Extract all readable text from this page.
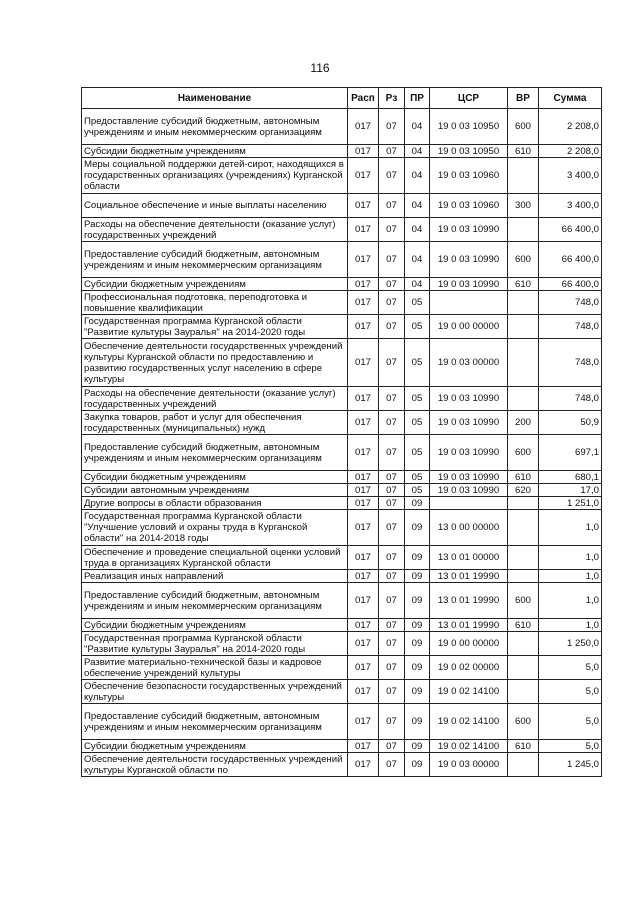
116
Наименование	Расп	Рз	ПР	ЦСР	ВР	Сумма
Предоставление субсидий бюджетным, автономным учреждениям и иным некоммерческим организациям	017	07	04	19 0 03 10950	600	2 208,0
Субсидии бюджетным учреждениям	017	07	04	19 0 03 10950	610	2 208,0
Меры социальной поддержки детей-сирот, находящихся в государственных организациях (учреждениях) Курганской области	017	07	04	19 0 03 10960		3 400,0
Социальное обеспечение и иные выплаты населению	017	07	04	19 0 03 10960	300	3 400,0
Расходы на обеспечение деятельности (оказание услуг) государственных учреждений	017	07	04	19 0 03 10990		66 400,0
Предоставление субсидий бюджетным, автономным учреждениям и иным некоммерческим организациям	017	07	04	19 0 03 10990	600	66 400,0
Субсидии бюджетным учреждениям	017	07	04	19 0 03 10990	610	66 400,0
Профессиональная подготовка, переподготовка и повышение квалификации	017	07	05			748,0
Государственная программа Курганской области "Развитие культуры Зауралья" на 2014-2020 годы	017	07	05	19 0 00 00000		748,0
Обеспечение деятельности государственных учреждений культуры Курганской области по предоставлению и развитию государственных услуг населению в сфере культуры	017	07	05	19 0 03 00000		748,0
Расходы на обеспечение деятельности (оказание услуг) государственных учреждений	017	07	05	19 0 03 10990		748,0
Закупка товаров, работ и услуг для обеспечения государственных (муниципальных) нужд	017	07	05	19 0 03 10990	200	50,9
Предоставление субсидий бюджетным, автономным учреждениям и иным некоммерческим организациям	017	07	05	19 0 03 10990	600	697,1
Субсидии бюджетным учреждениям	017	07	05	19 0 03 10990	610	680,1
Субсидии автономным учреждениям	017	07	05	19 0 03 10990	620	17,0
Другие вопросы в области образования	017	07	09			1 251,0
Государственная программа Курганской области "Улучшение условий и охраны труда в Курганской области" на 2014-2018 годы	017	07	09	13 0 00 00000		1,0
Обеспечение и проведение специальной оценки условий труда в организациях Курганской области	017	07	09	13 0 01 00000		1,0
Реализация иных направлений	017	07	09	13 0 01 19990		1,0
Предоставление субсидий бюджетным, автономным учреждениям и иным некоммерческим организациям	017	07	09	13 0 01 19990	600	1,0
Субсидии бюджетным учреждениям	017	07	09	13 0 01 19990	610	1,0
Государственная программа Курганской области "Развитие культуры Зауралья" на 2014-2020 годы	017	07	09	19 0 00 00000		1 250,0
Развитие материально-технической базы и кадровое обеспечение учреждений культуры	017	07	09	19 0 02 00000		5,0
Обеспечение безопасности государственных учреждений культуры	017	07	09	19 0 02 14100		5,0
Предоставление субсидий бюджетным, автономным учреждениям и иным некоммерческим организациям	017	07	09	19 0 02 14100	600	5,0
Субсидии бюджетным учреждениям	017	07	09	19 0 02 14100	610	5,0
Обеспечение деятельности государственных учреждений культуры Курганской области по	017	07	09	19 0 03 00000		1 245,0
